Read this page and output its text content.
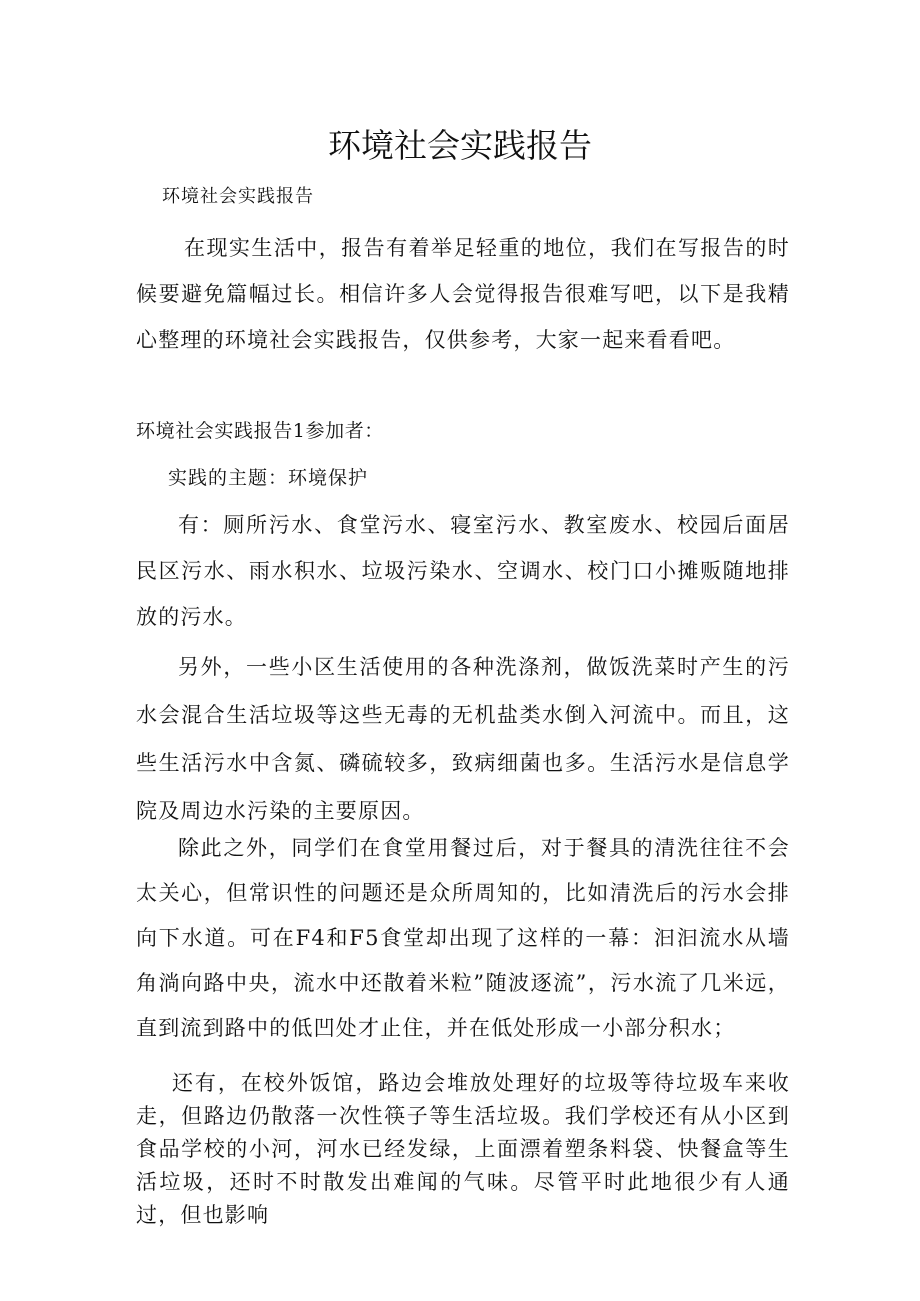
环境社会实践报告
环境社会实践报告

在现实生活中，报告有着举足轻重的地位，我们在写报告的时候要避免篇幅过长。相信许多人会觉得报告很难写吧，以下是我精心整理的环境社会实践报告，仅供参考，大家一起来看看吧。

环境社会实践报告1参加者：
实践的主题：环境保护

有：厕所污水、食堂污水、寝室污水、教室废水、校园后面居民区污水、雨水积水、垃圾污染水、空调水、校门口小摊贩随地排放的污水。

另外，一些小区生活使用的各种洗涤剂，做饭洗菜时产生的污水会混合生活垃圾等这些无毒的无机盐类水倒入河流中。而且，这些生活污水中含氮、磷硫较多，致病细菌也多。生活污水是信息学院及周边水污染的主要原因。

除此之外，同学们在食堂用餐过后，对于餐具的清洗往往不会太关心，但常识性的问题还是众所周知的，比如清洗后的污水会排向下水道。可在F4和F5食堂却出现了这样的一幕：汩汩流水从墙角淌向路中央，流水中还散着米粒”随波逐流”，污水流了几米远，直到流到路中的低凹处才止住，并在低处形成一小部分积水；

还有，在校外饭馆，路边会堆放处理好的垃圾等待垃圾车来收走，但路边仍散落一次性筷子等生活垃圾。我们学校还有从小区到食品学校的小河，河水已经发绿，上面漂着塑条料袋、快餐盒等生活垃圾，还时不时散发出难闻的气味。尽管平时此地很少有人通过，但也影响
